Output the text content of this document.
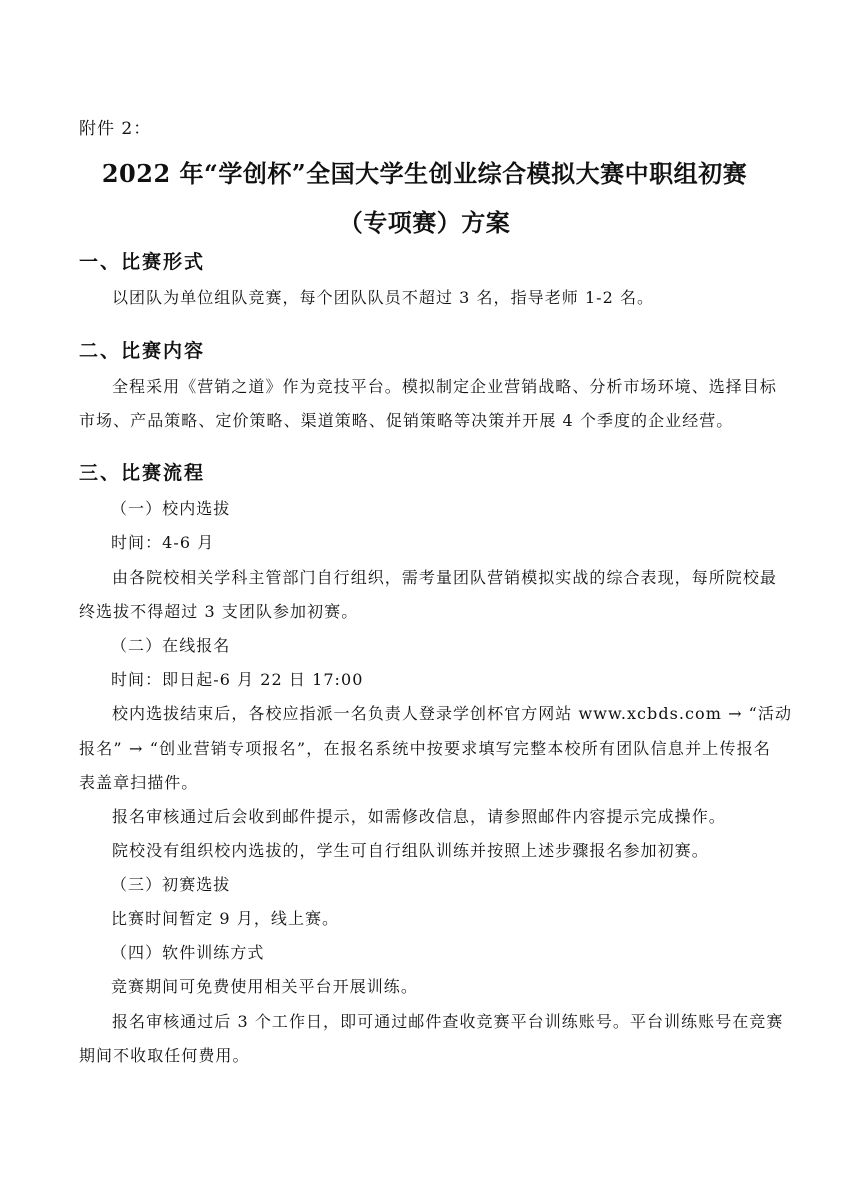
附件 2：
2022 年“学创杯”全国大学生创业综合模拟大赛中职组初赛
（专项赛）方案
一、比赛形式
以团队为单位组队竞赛，每个团队队员不超过 3 名，指导老师 1-2 名。
二、比赛内容
全程采用《营销之道》作为竞技平台。模拟制定企业营销战略、分析市场环境、选择目标
市场、产品策略、定价策略、渠道策略、促销策略等决策并开展 4 个季度的企业经营。
三、比赛流程
（一）校内选拔
时间：4-6 月
由各院校相关学科主管部门自行组织，需考量团队营销模拟实战的综合表现，每所院校最
终选拔不得超过 3 支团队参加初赛。
（二）在线报名
时间：即日起-6 月 22 日 17:00
校内选拔结束后，各校应指派一名负责人登录学创杯官方网站 www.xcbds.com → “活动
报名” → “创业营销专项报名”，在报名系统中按要求填写完整本校所有团队信息并上传报名
表盖章扫描件。
报名审核通过后会收到邮件提示，如需修改信息，请参照邮件内容提示完成操作。
院校没有组织校内选拔的，学生可自行组队训练并按照上述步骤报名参加初赛。
（三）初赛选拔
比赛时间暂定 9 月，线上赛。
（四）软件训练方式
竞赛期间可免费使用相关平台开展训练。
报名审核通过后 3 个工作日，即可通过邮件查收竞赛平台训练账号。平台训练账号在竞赛
期间不收取任何费用。
